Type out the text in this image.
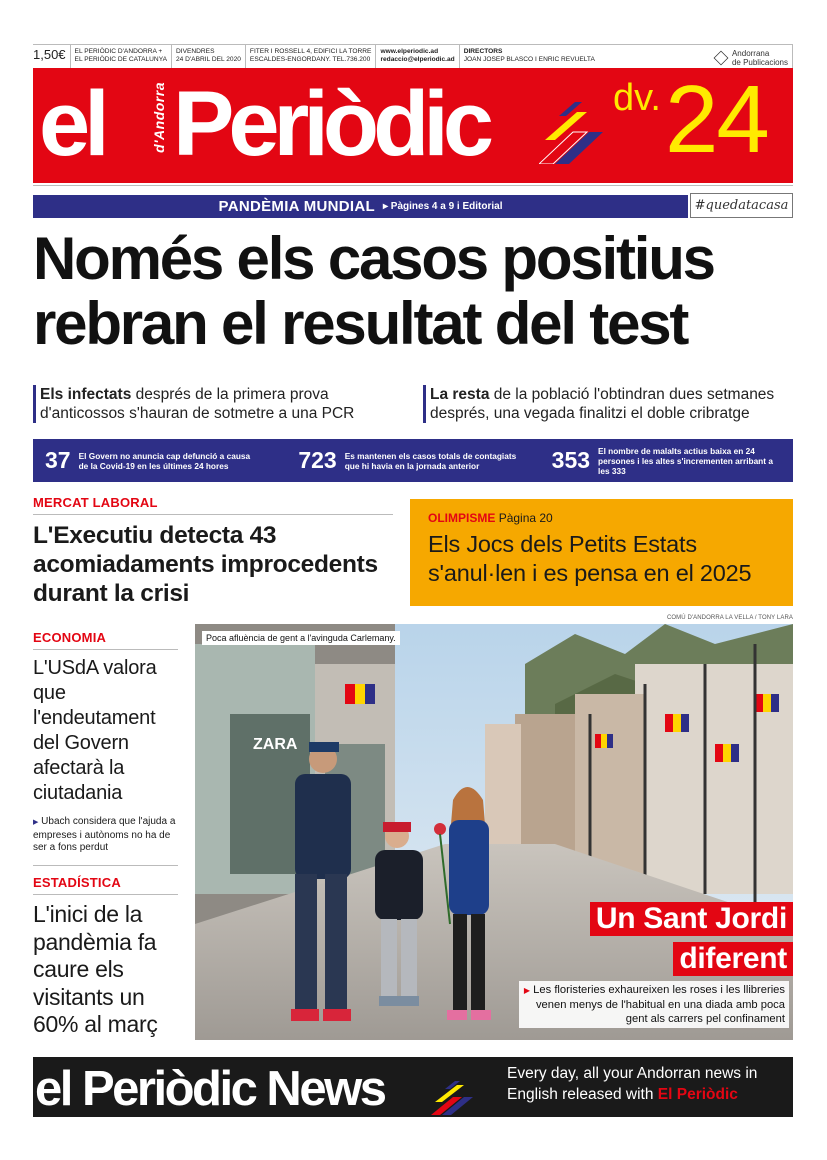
1,50€	EL PERIÒDIC D'ANDORRA +
EL PERIÒDIC DE CATALUNYA
DIVENDRES
24 D'ABRIL DEL 2020
FITER I ROSSELL 4, EDIFICI LA TORRE
ESCALDES-ENGORDANY. TEL.736.200
www.elperiodic.ad
redaccio@elperiodic.ad
DIRECTORS
JOAN JOSEP BLASCO I ENRIC REVUELTA
Andorrana
de Publicacions
el	d'Andorra Periòdic	dv. 24
PANDÈMIA MUNDIAL ▸ Pàgines 4 a 9 i Editorial	#quedatacasa
Només els casos positius
rebran el resultat del test
Els infectats després de la primera prova d'anticossos s'hauran de sotmetre a una PCR
La resta de la població l'obtindran dues setmanes després, una vegada finalitzi el doble cribratge
37 El Govern no anuncia cap defunció a causa de la Covid-19 en les últimes 24 hores	723 Es mantenen els casos totals de contagiats que hi havia en la jornada anterior	353 El nombre de malalts actius baixa en 24 persones i les altes s'incrementen arribant a les 333
MERCAT LABORAL
L'Executiu detecta 43 acomiadaments improcedents durant la crisi
OLIMPISME Pàgina 20
Els Jocs dels Petits Estats s'anul·len i es pensa en el 2025
ECONOMIA
L'USdA valora que l'endeutament del Govern afectarà la ciutadania
▶ Ubach considera que l'ajuda a empreses i autònoms no ha de ser a fons perdut
ESTADÍSTICA
L'inici de la pandèmia fa caure els visitants un 60% al març
COMÚ D'ANDORRA LA VELLA / TONY LARA
ZARA
Un Sant Jordi
diferent
▶ Les floristeries exhaureixen les roses i les llibreries venen menys de l'habitual en una diada amb poca gent als carrers pel confinament
Poca afluència de gent a l'avinguda Carlemany.
el Periòdic News	Every day, all your Andorran news in English released with El Periòdic
